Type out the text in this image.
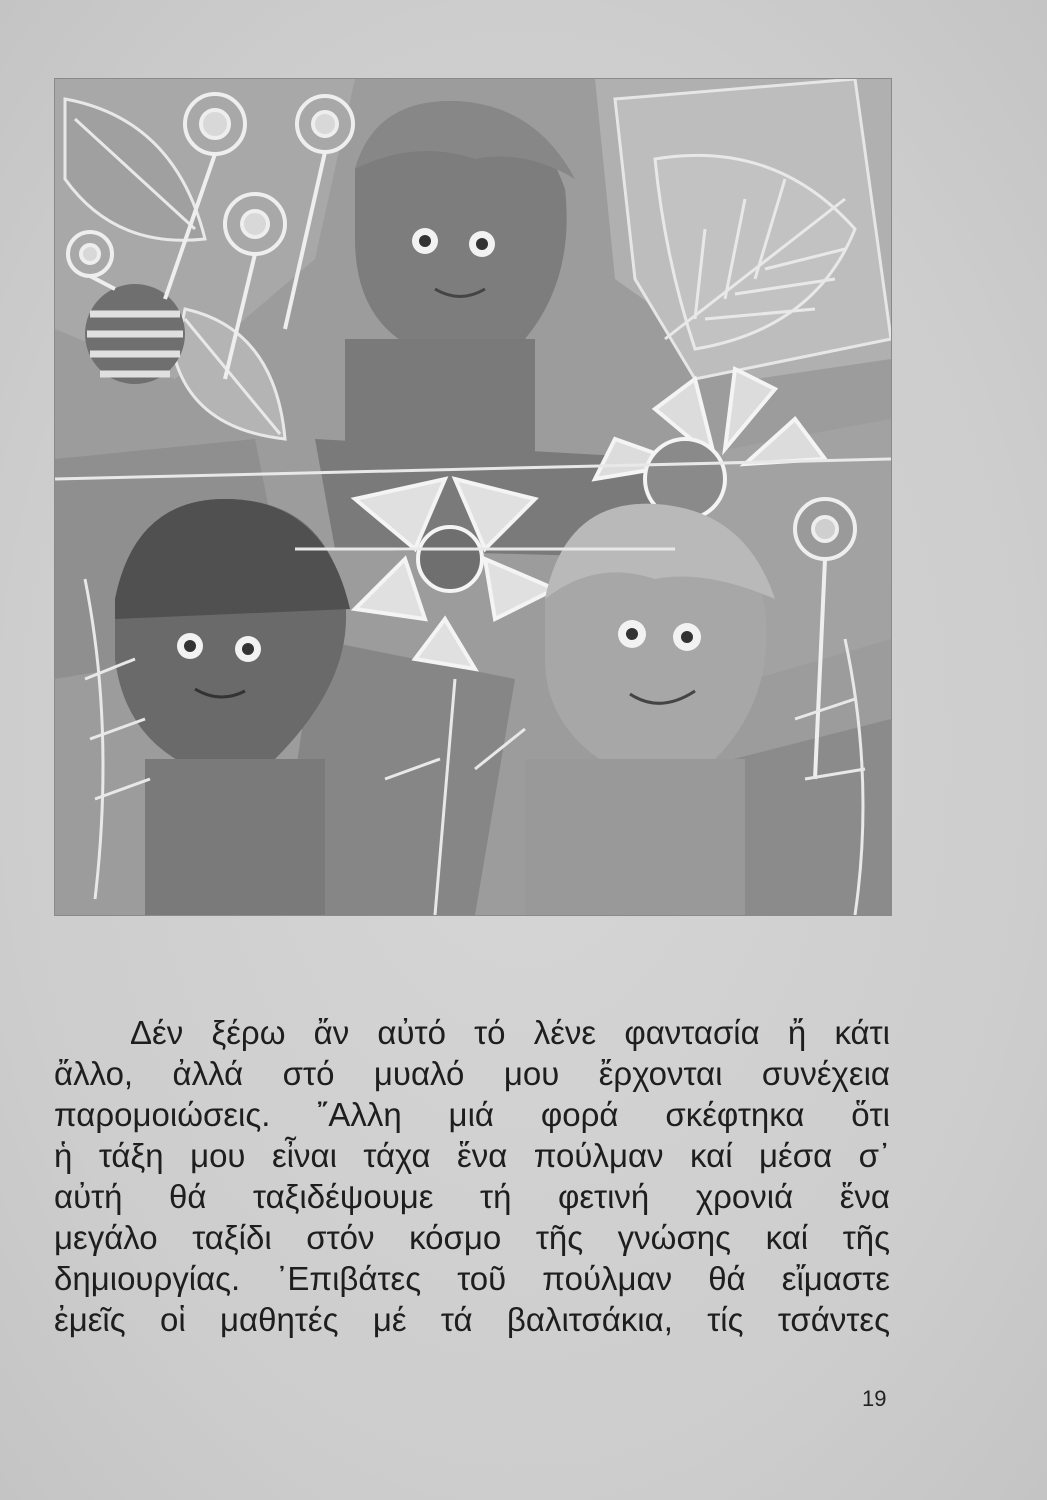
Δέν ξέρω ἄν αὐτό τό λένε φαντασία ἤ κάτι
ἄλλο, ἀλλά στό μυαλό μου ἔρχονται συνέχεια
παρομοιώσεις. ῎Αλλη μιά φορά σκέφτηκα ὅτι
ἡ τάξη μου εἶναι τάχα ἕνα πούλμαν καί μέσα σ᾽
αὐτή θά ταξιδέψουμε τή φετινή χρονιά ἕνα
μεγάλο ταξίδι στόν κόσμο τῆς γνώσης καί τῆς
δημιουργίας. ᾿Επιβάτες τοῦ πούλμαν θά εἴμαστε
ἐμεῖς οἱ μαθητές μέ τά βαλιτσάκια, τίς τσάντες
19
